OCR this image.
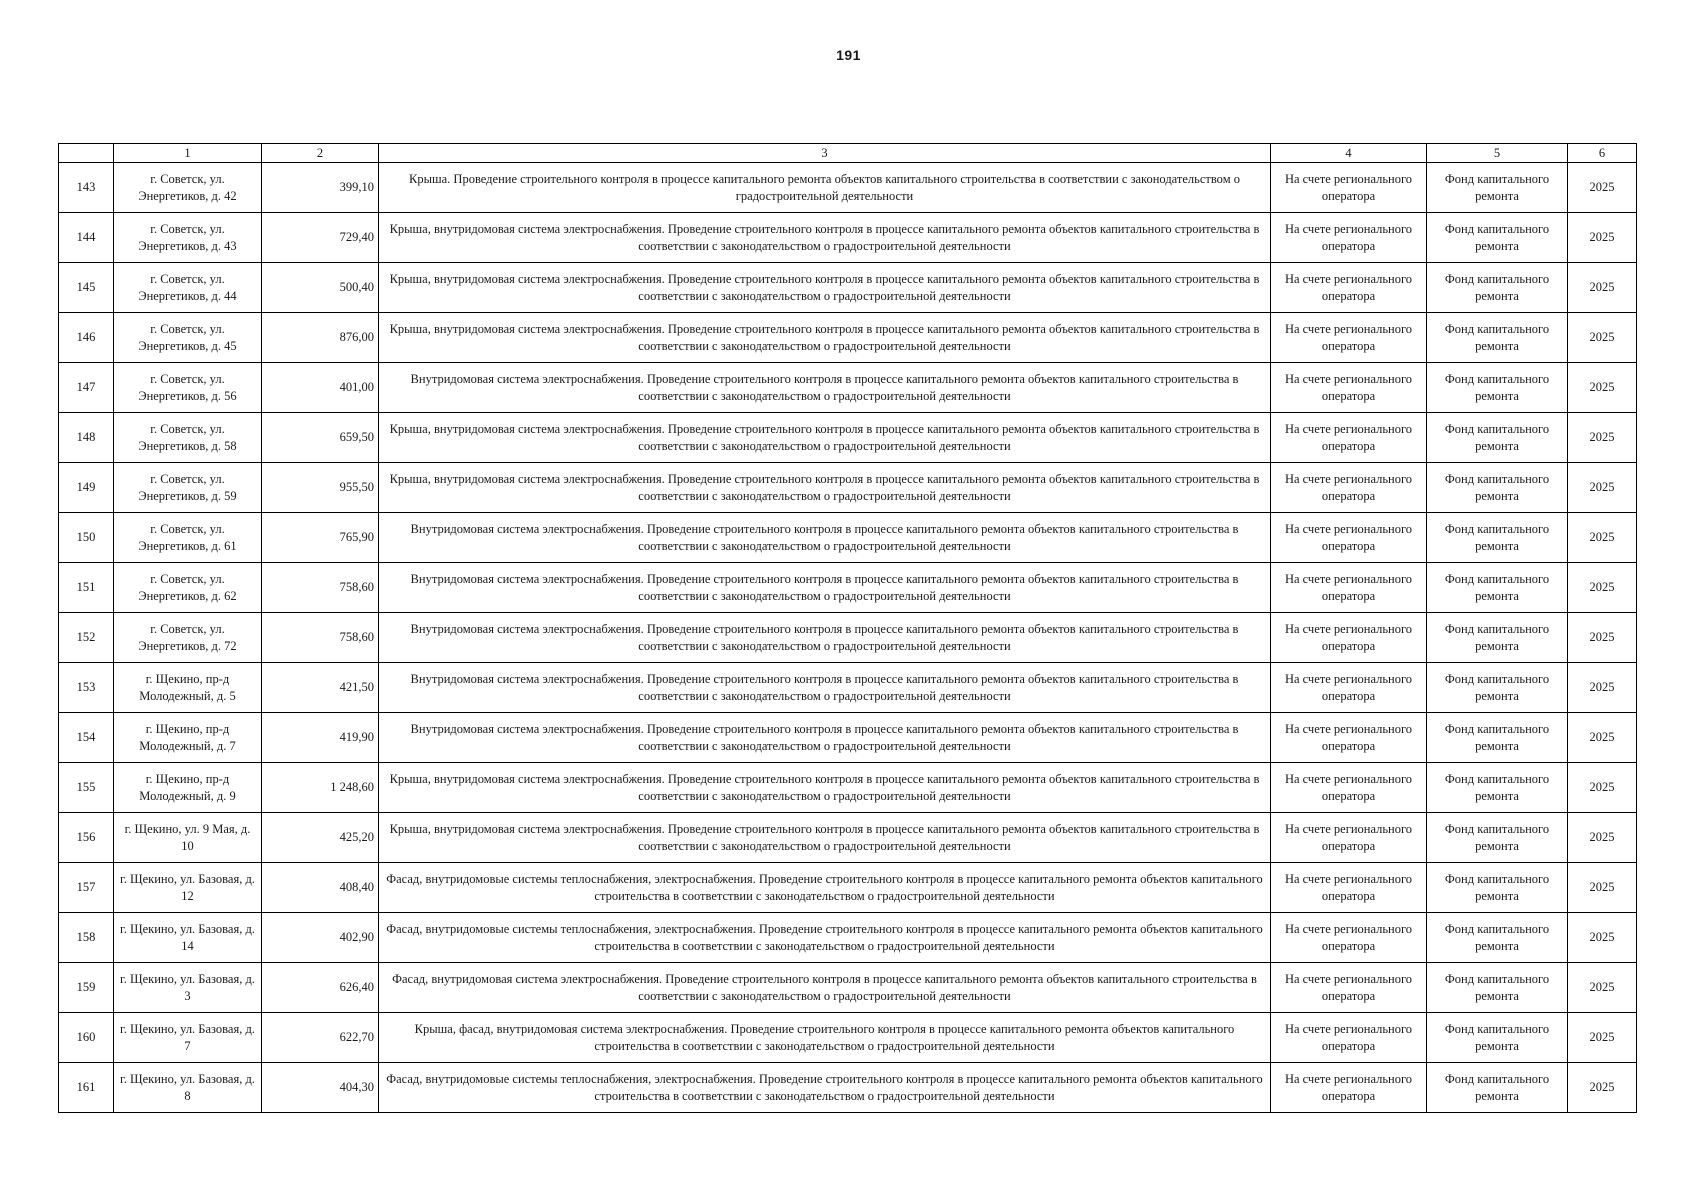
191
	1	2	3	4	5	6
143	г. Советск, ул. Энергетиков, д. 42	399,10	Крыша. Проведение строительного контроля в процессе капитального ремонта объектов капитального строительства в соответствии с законодательством о градостроительной деятельности	На счете регионального оператора	Фонд капитального ремонта	2025
144	г. Советск, ул. Энергетиков, д. 43	729,40	Крыша, внутридомовая система электроснабжения. Проведение строительного контроля в процессе капитального ремонта объектов капитального строительства в соответствии с законодательством о градостроительной деятельности	На счете регионального оператора	Фонд капитального ремонта	2025
145	г. Советск, ул. Энергетиков, д. 44	500,40	Крыша, внутридомовая система электроснабжения. Проведение строительного контроля в процессе капитального ремонта объектов капитального строительства в соответствии с законодательством о градостроительной деятельности	На счете регионального оператора	Фонд капитального ремонта	2025
146	г. Советск, ул. Энергетиков, д. 45	876,00	Крыша, внутридомовая система электроснабжения. Проведение строительного контроля в процессе капитального ремонта объектов капитального строительства в соответствии с законодательством о градостроительной деятельности	На счете регионального оператора	Фонд капитального ремонта	2025
147	г. Советск, ул. Энергетиков, д. 56	401,00	Внутридомовая система электроснабжения. Проведение строительного контроля в процессе капитального ремонта объектов капитального строительства в соответствии с законодательством о градостроительной деятельности	На счете регионального оператора	Фонд капитального ремонта	2025
148	г. Советск, ул. Энергетиков, д. 58	659,50	Крыша, внутридомовая система электроснабжения. Проведение строительного контроля в процессе капитального ремонта объектов капитального строительства в соответствии с законодательством о градостроительной деятельности	На счете регионального оператора	Фонд капитального ремонта	2025
149	г. Советск, ул. Энергетиков, д. 59	955,50	Крыша, внутридомовая система электроснабжения. Проведение строительного контроля в процессе капитального ремонта объектов капитального строительства в соответствии с законодательством о градостроительной деятельности	На счете регионального оператора	Фонд капитального ремонта	2025
150	г. Советск, ул. Энергетиков, д. 61	765,90	Внутридомовая система электроснабжения. Проведение строительного контроля в процессе капитального ремонта объектов капитального строительства в соответствии с законодательством о градостроительной деятельности	На счете регионального оператора	Фонд капитального ремонта	2025
151	г. Советск, ул. Энергетиков, д. 62	758,60	Внутридомовая система электроснабжения. Проведение строительного контроля в процессе капитального ремонта объектов капитального строительства в соответствии с законодательством о градостроительной деятельности	На счете регионального оператора	Фонд капитального ремонта	2025
152	г. Советск, ул. Энергетиков, д. 72	758,60	Внутридомовая система электроснабжения. Проведение строительного контроля в процессе капитального ремонта объектов капитального строительства в соответствии с законодательством о градостроительной деятельности	На счете регионального оператора	Фонд капитального ремонта	2025
153	г. Щекино, пр-д Молодежный, д. 5	421,50	Внутридомовая система электроснабжения. Проведение строительного контроля в процессе капитального ремонта объектов капитального строительства в соответствии с законодательством о градостроительной деятельности	На счете регионального оператора	Фонд капитального ремонта	2025
154	г. Щекино, пр-д Молодежный, д. 7	419,90	Внутридомовая система электроснабжения. Проведение строительного контроля в процессе капитального ремонта объектов капитального строительства в соответствии с законодательством о градостроительной деятельности	На счете регионального оператора	Фонд капитального ремонта	2025
155	г. Щекино, пр-д Молодежный, д. 9	1 248,60	Крыша, внутридомовая система электроснабжения. Проведение строительного контроля в процессе капитального ремонта объектов капитального строительства в соответствии с законодательством о градостроительной деятельности	На счете регионального оператора	Фонд капитального ремонта	2025
156	г. Щекино, ул. 9 Мая, д. 10	425,20	Крыша, внутридомовая система электроснабжения. Проведение строительного контроля в процессе капитального ремонта объектов капитального строительства в соответствии с законодательством о градостроительной деятельности	На счете регионального оператора	Фонд капитального ремонта	2025
157	г. Щекино, ул. Базовая, д. 12	408,40	Фасад, внутридомовые системы теплоснабжения, электроснабжения. Проведение строительного контроля в процессе капитального ремонта объектов капитального строительства в соответствии с законодательством о градостроительной деятельности	На счете регионального оператора	Фонд капитального ремонта	2025
158	г. Щекино, ул. Базовая, д. 14	402,90	Фасад, внутридомовые системы теплоснабжения, электроснабжения. Проведение строительного контроля в процессе капитального ремонта объектов капитального строительства в соответствии с законодательством о градостроительной деятельности	На счете регионального оператора	Фонд капитального ремонта	2025
159	г. Щекино, ул. Базовая, д. 3	626,40	Фасад, внутридомовая система электроснабжения. Проведение строительного контроля в процессе капитального ремонта объектов капитального строительства в соответствии с законодательством о градостроительной деятельности	На счете регионального оператора	Фонд капитального ремонта	2025
160	г. Щекино, ул. Базовая, д. 7	622,70	Крыша, фасад, внутридомовая система электроснабжения. Проведение строительного контроля в процессе капитального ремонта объектов капитального строительства в соответствии с законодательством о градостроительной деятельности	На счете регионального оператора	Фонд капитального ремонта	2025
161	г. Щекино, ул. Базовая, д. 8	404,30	Фасад, внутридомовые системы теплоснабжения, электроснабжения. Проведение строительного контроля в процессе капитального ремонта объектов капитального строительства в соответствии с законодательством о градостроительной деятельности	На счете регионального оператора	Фонд капитального ремонта	2025
